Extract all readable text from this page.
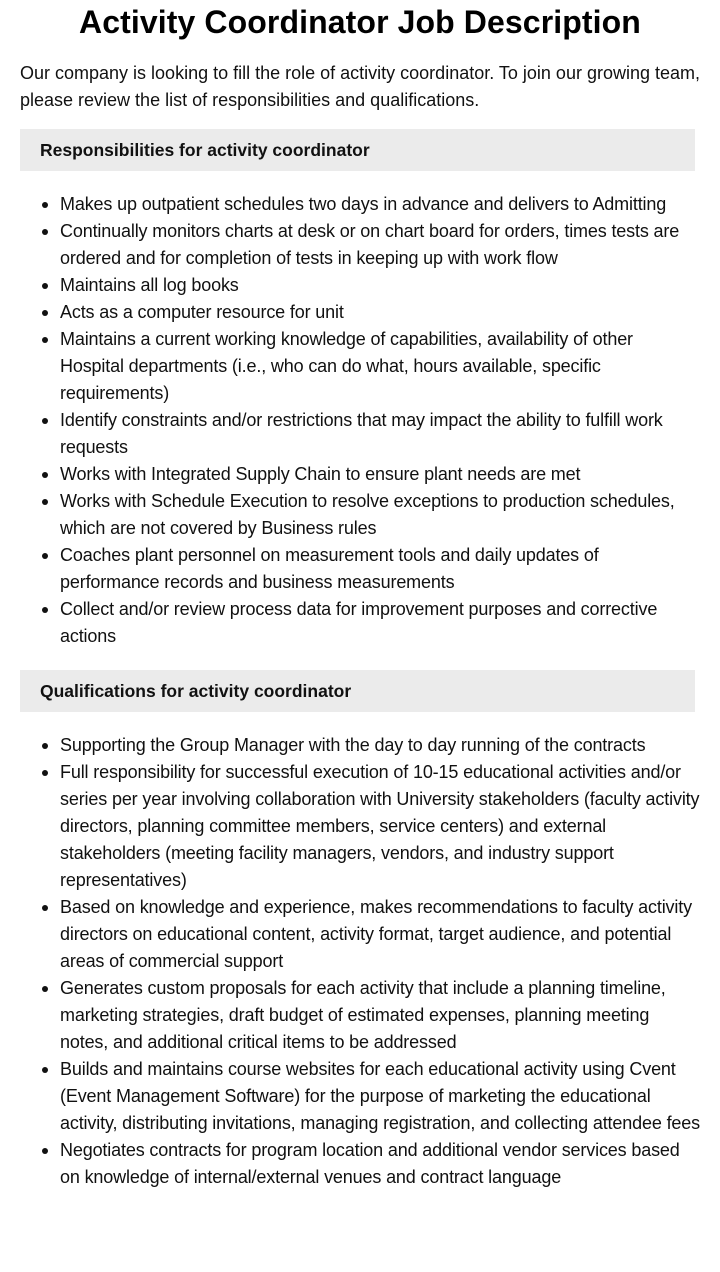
Activity Coordinator Job Description

Our company is looking to fill the role of activity coordinator. To join our growing team, please review the list of responsibilities and qualifications.

Responsibilities for activity coordinator
Makes up outpatient schedules two days in advance and delivers to Admitting
Continually monitors charts at desk or on chart board for orders, times tests are ordered and for completion of tests in keeping up with work flow
Maintains all log books
Acts as a computer resource for unit
Maintains a current working knowledge of capabilities, availability of other Hospital departments (i.e., who can do what, hours available, specific requirements)
Identify constraints and/or restrictions that may impact the ability to fulfill work requests
Works with Integrated Supply Chain to ensure plant needs are met
Works with Schedule Execution to resolve exceptions to production schedules, which are not covered by Business rules
Coaches plant personnel on measurement tools and daily updates of performance records and business measurements
Collect and/or review process data for improvement purposes and corrective actions
Qualifications for activity coordinator
Supporting the Group Manager with the day to day running of the contracts
Full responsibility for successful execution of 10-15 educational activities and/or series per year involving collaboration with University stakeholders (faculty activity directors, planning committee members, service centers) and external stakeholders (meeting facility managers, vendors, and industry support representatives)
Based on knowledge and experience, makes recommendations to faculty activity directors on educational content, activity format, target audience, and potential areas of commercial support
Generates custom proposals for each activity that include a planning timeline, marketing strategies, draft budget of estimated expenses, planning meeting notes, and additional critical items to be addressed
Builds and maintains course websites for each educational activity using Cvent (Event Management Software) for the purpose of marketing the educational activity, distributing invitations, managing registration, and collecting attendee fees
Negotiates contracts for program location and additional vendor services based on knowledge of internal/external venues and contract language
